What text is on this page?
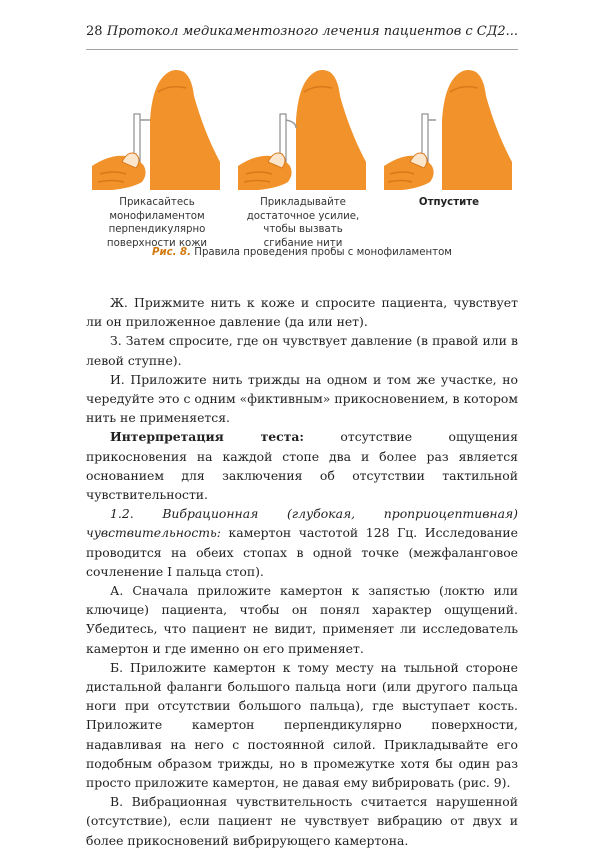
28 Протокол медикаментозного лечения пациентов с СД2...
Прикасайтесь монофиламентом перпендикулярно поверхности кожи
Прикладывайте достаточное усилие, чтобы вызвать сгибание нити
Отпустите
Рис. 8. Правила проведения пробы с монофиламентом

Ж. Прижмите нить к коже и спросите пациента, чувствует ли он приложенное давление (да или нет).

З. Затем спросите, где он чувствует давление (в правой или в левой ступне).

И. Приложите нить трижды на одном и том же участке, но чередуйте это с одним «фиктивным» прикосновением, в котором нить не применяется.

Интерпретация теста: отсутствие ощущения прикосновения на каждой стопе два и более раз является основанием для заключения об отсутствии тактильной чувствительности.

1.2. Вибрационная (глубокая, проприоцептивная) чувствительность: камертон частотой 128 Гц. Исследование проводится на обеих стопах в одной точке (межфаланговое сочленение I пальца стоп).

А. Сначала приложите камертон к запястью (локтю или ключице) пациента, чтобы он понял характер ощущений. Убедитесь, что пациент не видит, применяет ли исследователь камертон и где именно он его применяет.

Б. Приложите камертон к тому месту на тыльной стороне дистальной фаланги большого пальца ноги (или другого пальца ноги при отсутствии большого пальца), где выступает кость. Приложите камертон перпендикулярно поверхности, надавливая на него с постоянной силой. Прикладывайте его подобным образом трижды, но в промежутке хотя бы один раз просто приложите камертон, не давая ему вибрировать (рис. 9).

В. Вибрационная чувствительность считается нарушенной (отсутствие), если пациент не чувствует вибрацию от двух и более прикосновений вибрирующего камертона.
